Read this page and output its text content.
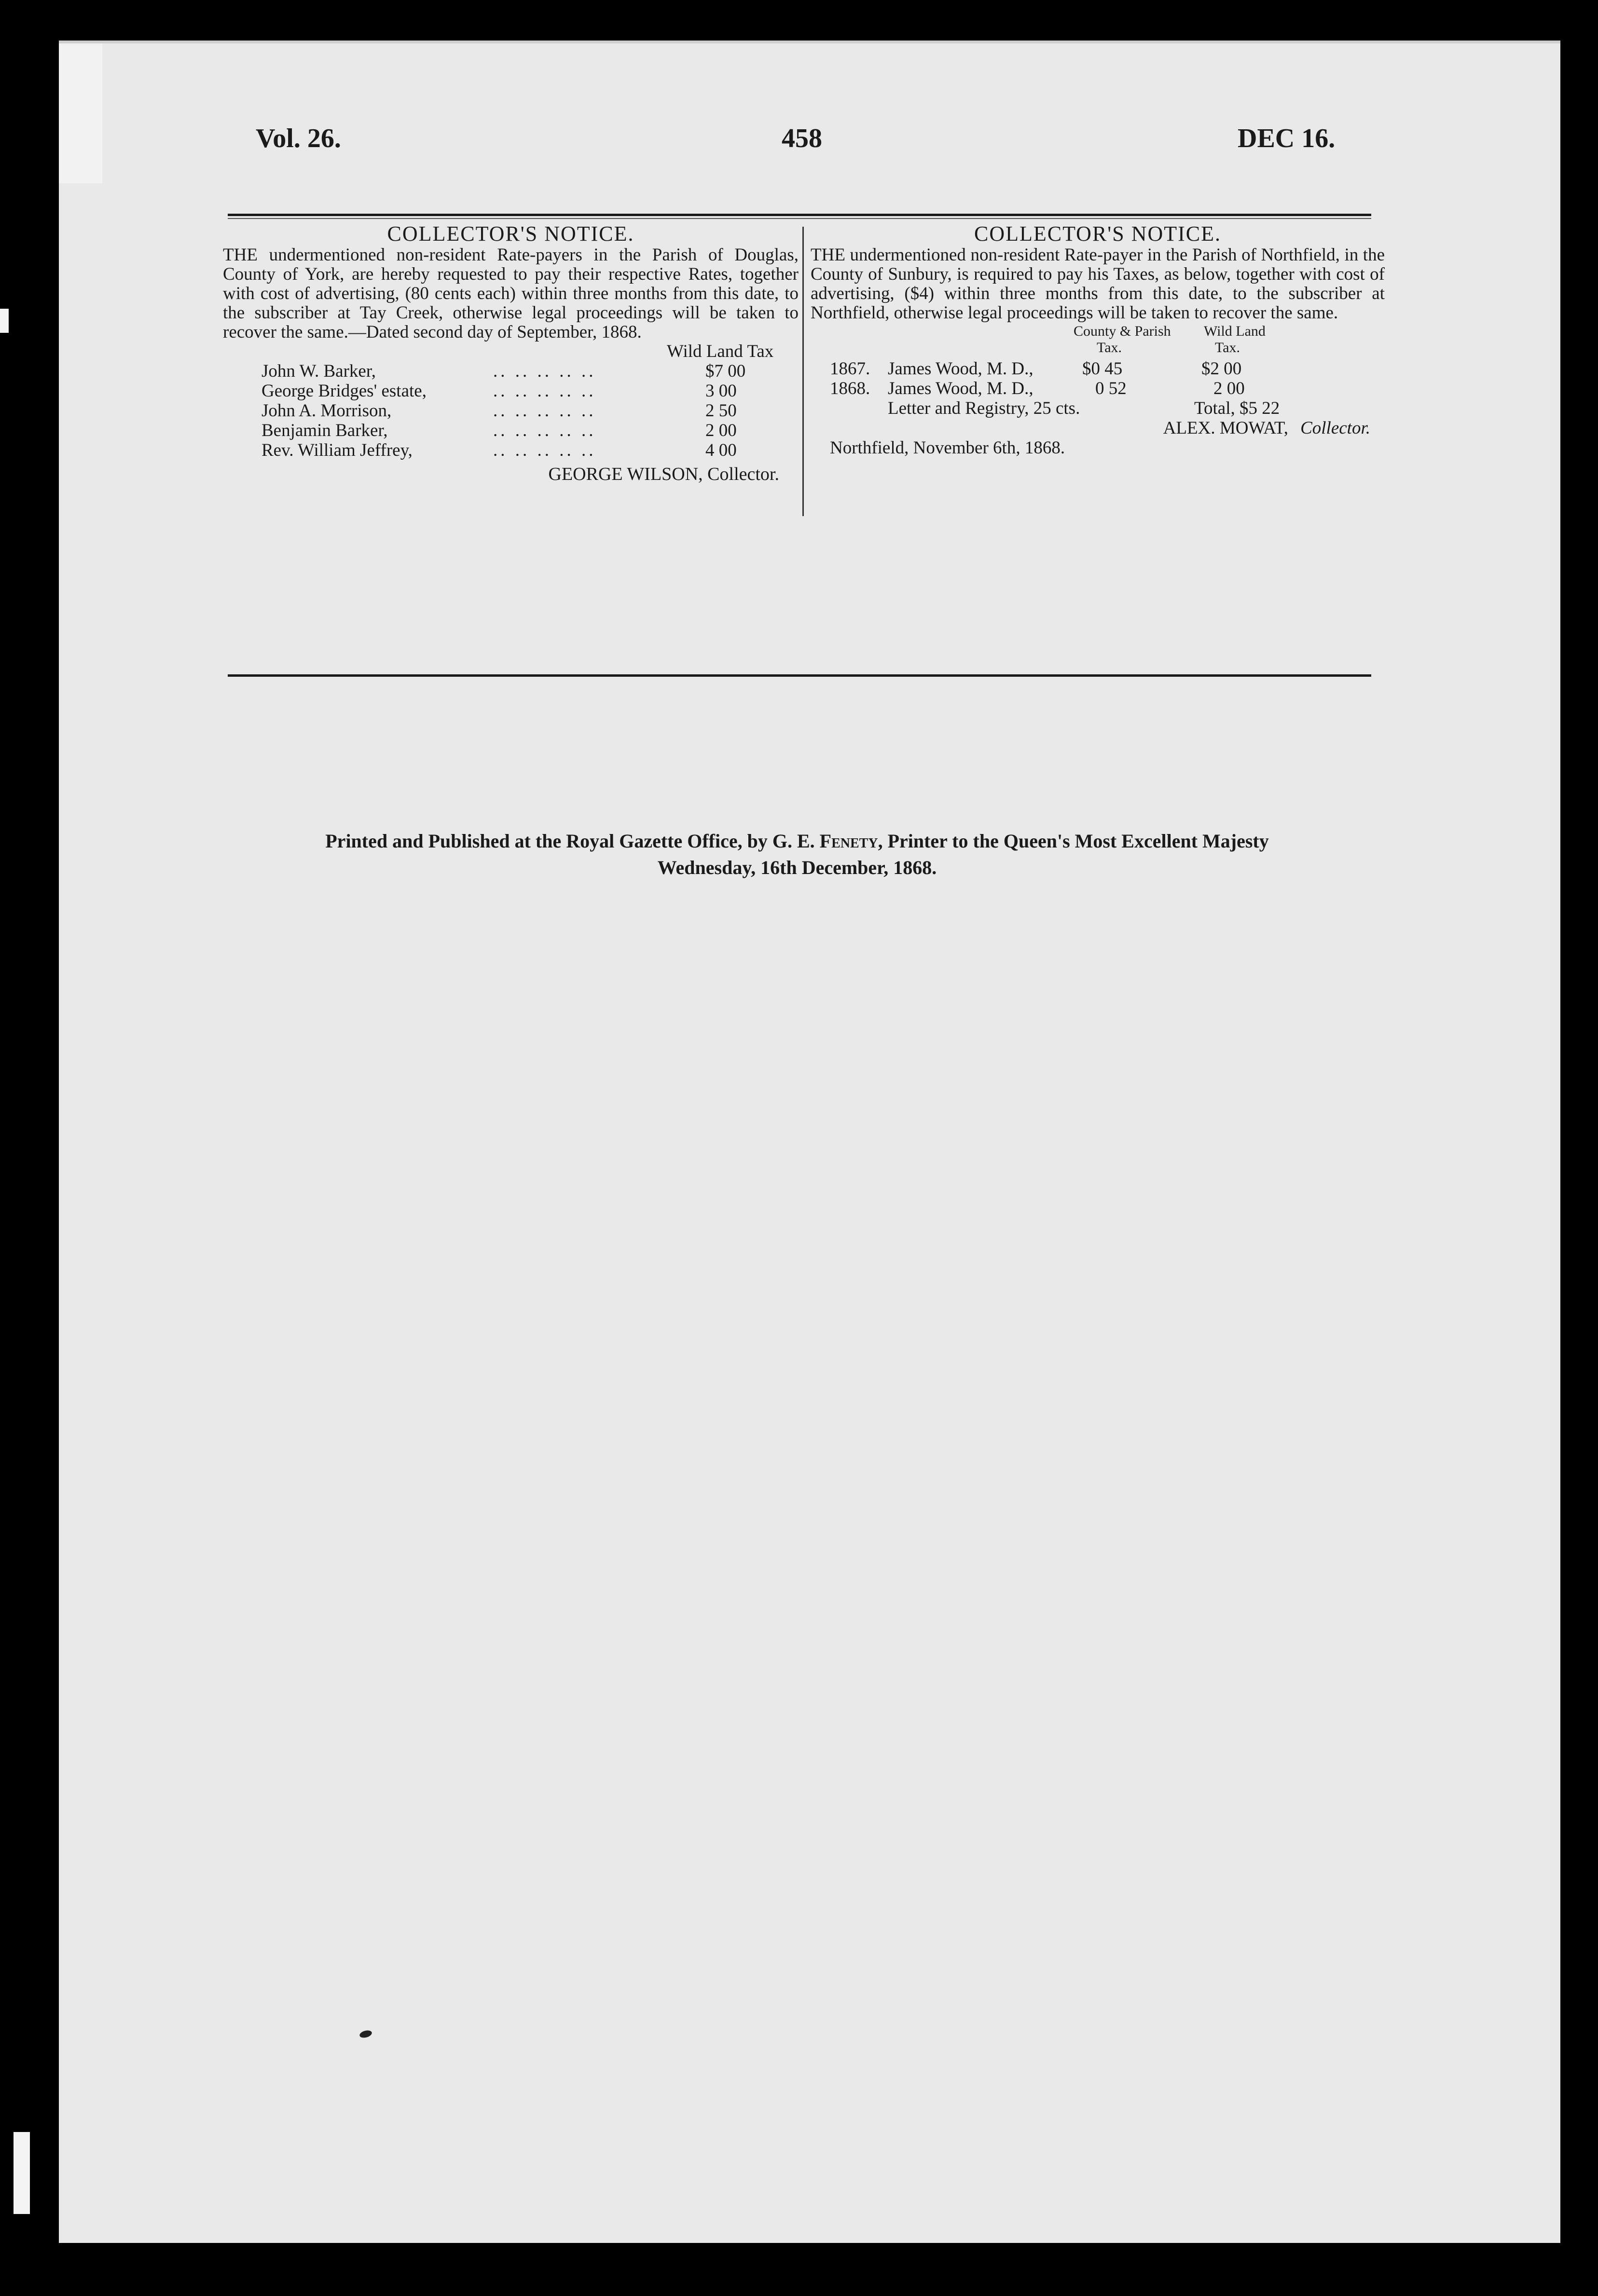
Vol. 26.	458	DEC 16.
COLLECTOR'S NOTICE.

THE undermentioned non-resident Rate-payers in the Parish of Douglas, County of York, are hereby requested to pay their respective Rates, together with cost of advertising, (80 cents each) within three months from this date, to the subscriber at Tay Creek, otherwise legal proceedings will be taken to recover the same.—Dated second day of September, 1868.

Wild Land Tax
John W. Barker,	.. .. .. .. ..	$7 00
George Bridges' estate,	.. .. .. .. ..	3 00
John A. Morrison,	.. .. .. .. ..	2 50
Benjamin Barker,	.. .. .. .. ..	2 00
Rev. William Jeffrey,	.. .. .. .. ..	4 00
GEORGE WILSON, Collector.
COLLECTOR'S NOTICE.

THE undermentioned non-resident Rate-payer in the Parish of Northfield, in the County of Sunbury, is required to pay his Taxes, as below, together with cost of advertising, ($4) within three months from this date, to the subscriber at Northfield, otherwise legal proceedings will be taken to recover the same.

County & Parish
Tax.
Wild Land
Tax.
1867. James Wood, M. D.,	$0 45	$2 00
1868. James Wood, M. D.,	0 52	2 00
Letter and Registry, 25 cts.	Total, $5 22
ALEX. MOWAT, Collector.
Northfield, November 6th, 1868.
Printed and Published at the Royal Gazette Office, by G. E. Fenety, Printer to the Queen's Most Excellent Majesty
Wednesday, 16th December, 1868.
